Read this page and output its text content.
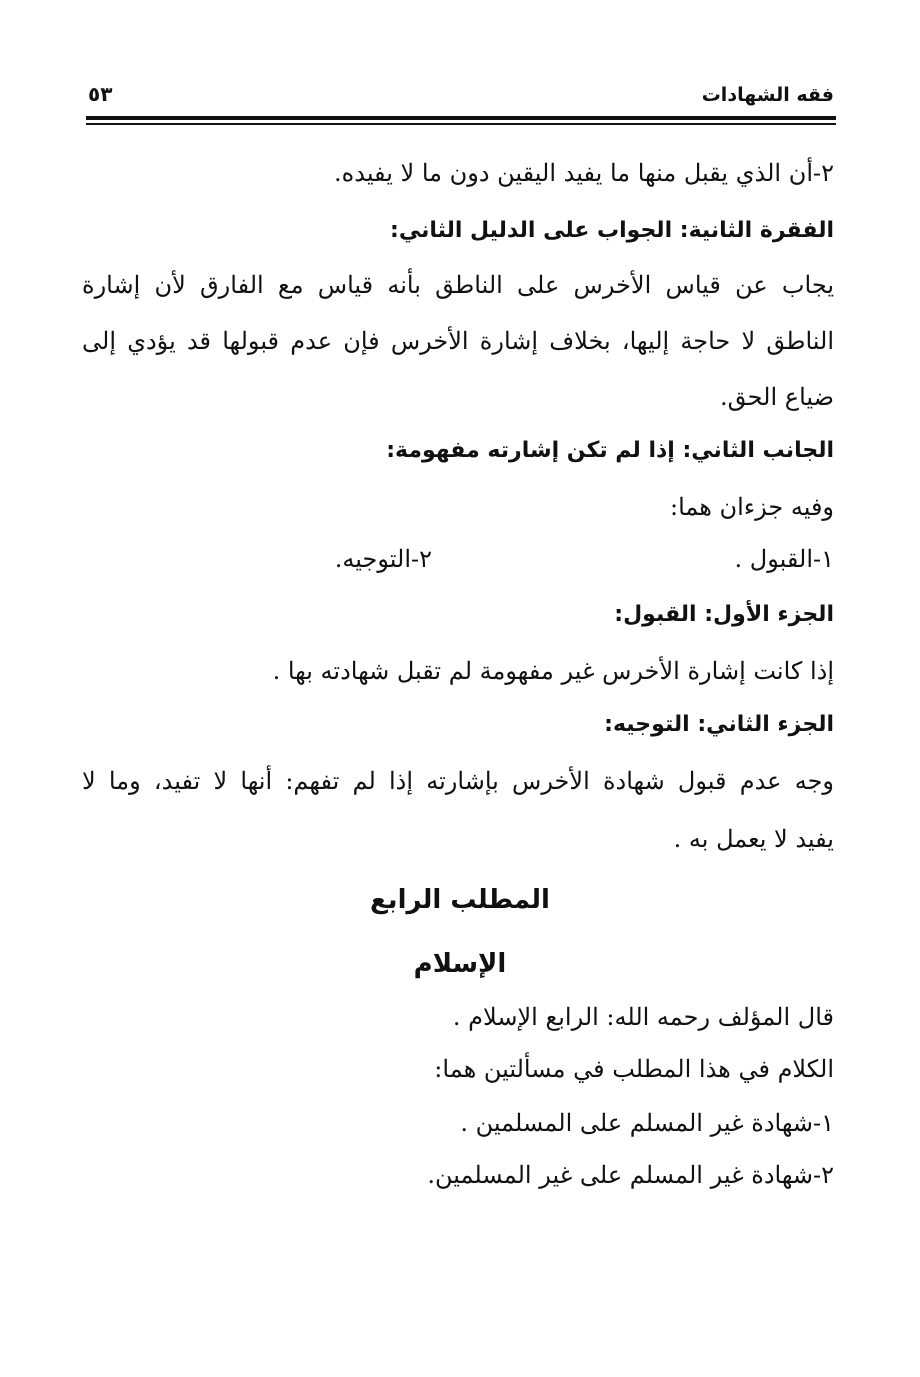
فقه الشهادات
٥٣
٢-أن الذي يقبل منها ما يفيد اليقين دون ما لا يفيده.
الفقرة الثانية: الجواب على الدليل الثاني:
يجاب عن قياس الأخرس على الناطق بأنه قياس مع الفارق لأن إشارة
الناطق لا حاجة إليها، بخلاف إشارة الأخرس فإن عدم قبولها قد يؤدي إلى
ضياع الحق.
الجانب الثاني: إذا لم تكن إشارته مفهومة:
وفيه جزءان هما:
١-القبول .
٢-التوجيه.
الجزء الأول: القبول:
إذا كانت إشارة الأخرس غير مفهومة لم تقبل شهادته بها .
الجزء الثاني: التوجيه:
وجه عدم قبول شهادة الأخرس بإشارته إذا لم تفهم: أنها لا تفيد، وما لا
يفيد لا يعمل به .
المطلب الرابع
الإسلام
قال المؤلف رحمه الله: الرابع الإسلام .
الكلام في هذا المطلب في مسألتين هما:
١-شهادة غير المسلم على المسلمين .
٢-شهادة غير المسلم على غير المسلمين.
